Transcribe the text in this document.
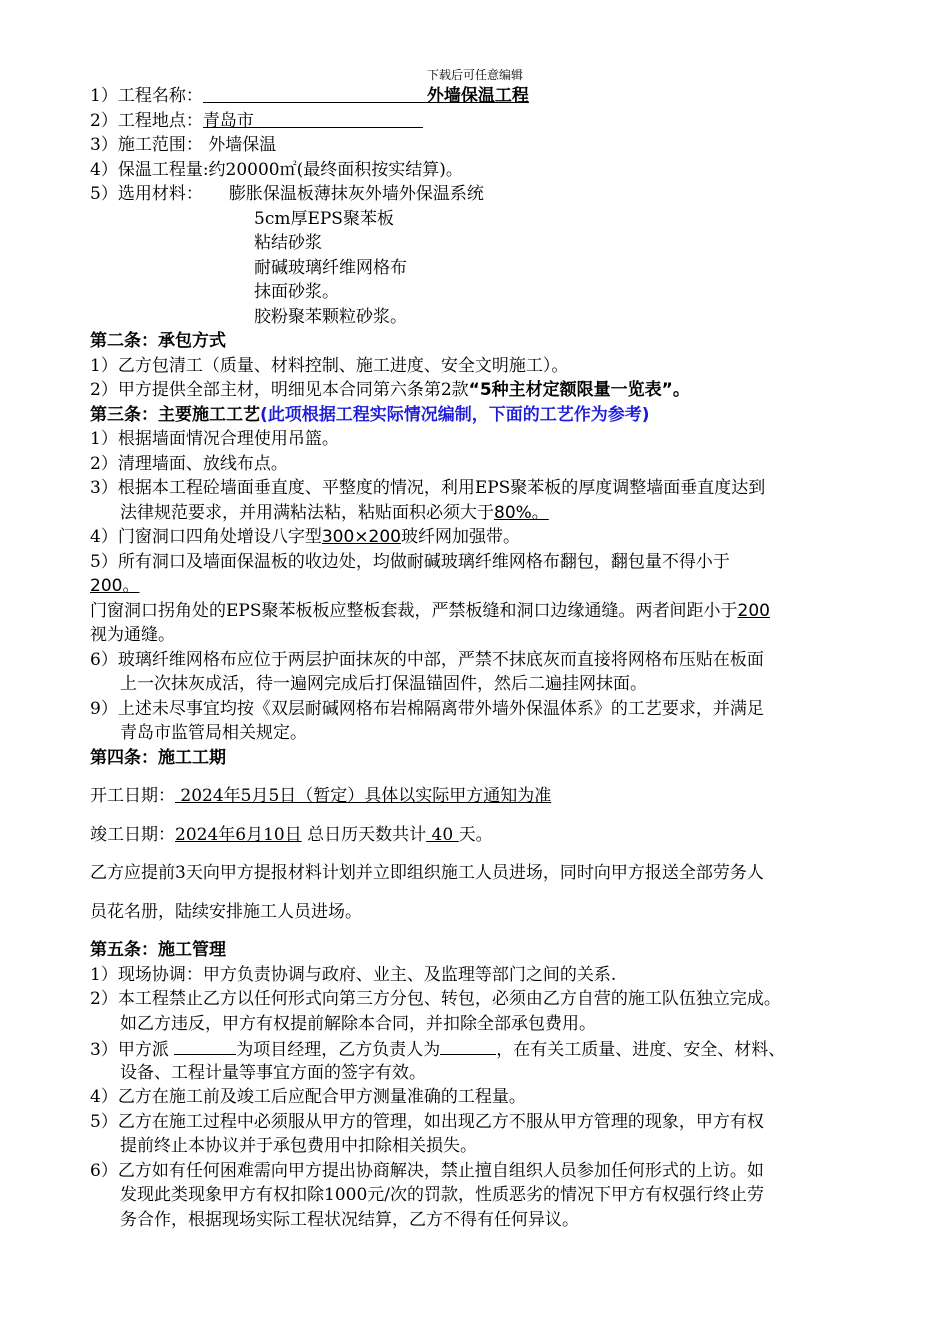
下载后可任意编辑
1）工程名称：	外墙保温工程
2）工程地点：青岛市
3）施工范围： 外墙保温
4）保温工程量:约20000㎡(最终面积按实结算)。
5）选用材料： 膨胀保温板薄抹灰外墙外保温系统
5cm厚EPS聚苯板
粘结砂浆
耐碱玻璃纤维网格布
抹面砂浆。
胶粉聚苯颗粒砂浆。
第二条：承包方式
1）乙方包清工（质量、材料控制、施工进度、安全文明施工）。
2）甲方提供全部主材，明细见本合同第六条第2款“5种主材定额限量一览表”。
第三条：主要施工工艺(此项根据工程实际情况编制，下面的工艺作为参考)
1）根据墙面情况合理使用吊篮。
2）清理墙面、放线布点。
3）根据本工程砼墙面垂直度、平整度的情况，利用EPS聚苯板的厚度调整墙面垂直度达到
法律规范要求，并用满粘法粘，粘贴面积必须大于80%。
4）门窗洞口四角处增设八字型300×200玻纤网加强带。
5）所有洞口及墙面保温板的收边处，均做耐碱玻璃纤维网格布翻包，翻包量不得小于
200。
门窗洞口拐角处的EPS聚苯板板应整板套裁，严禁板缝和洞口边缘通缝。两者间距小于200
视为通缝。
6）玻璃纤维网格布应位于两层护面抹灰的中部，严禁不抹底灰而直接将网格布压贴在板面
上一次抹灰成活，待一遍网完成后打保温锚固件，然后二遍挂网抹面。
9）上述未尽事宜均按《双层耐碱网格布岩棉隔离带外墙外保温体系》的工艺要求，并满足
青岛市监管局相关规定。
第四条：施工工期
开工日期： 2024年5月5日（暂定）具体以实际甲方通知为准
竣工日期：2024年6月10日 总日历天数共计 40 天。
乙方应提前3天向甲方提报材料计划并立即组织施工人员进场，同时向甲方报送全部劳务人
员花名册，陆续安排施工人员进场。
第五条：施工管理
1）现场协调：甲方负责协调与政府、业主、及监理等部门之间的关系.
2）本工程禁止乙方以任何形式向第三方分包、转包，必须由乙方自营的施工队伍独立完成。
如乙方违反，甲方有权提前解除本合同，并扣除全部承包费用。
3）甲方派	为项目经理，乙方负责人为	，在有关工质量、进度、安全、材料、
设备、工程计量等事宜方面的签字有效。
4）乙方在施工前及竣工后应配合甲方测量准确的工程量。
5）乙方在施工过程中必须服从甲方的管理，如出现乙方不服从甲方管理的现象，甲方有权
提前终止本协议并于承包费用中扣除相关损失。
6）乙方如有任何困难需向甲方提出协商解决，禁止擅自组织人员参加任何形式的上访。如
发现此类现象甲方有权扣除1000元/次的罚款，性质恶劣的情况下甲方有权强行终止劳
务合作，根据现场实际工程状况结算，乙方不得有任何异议。
